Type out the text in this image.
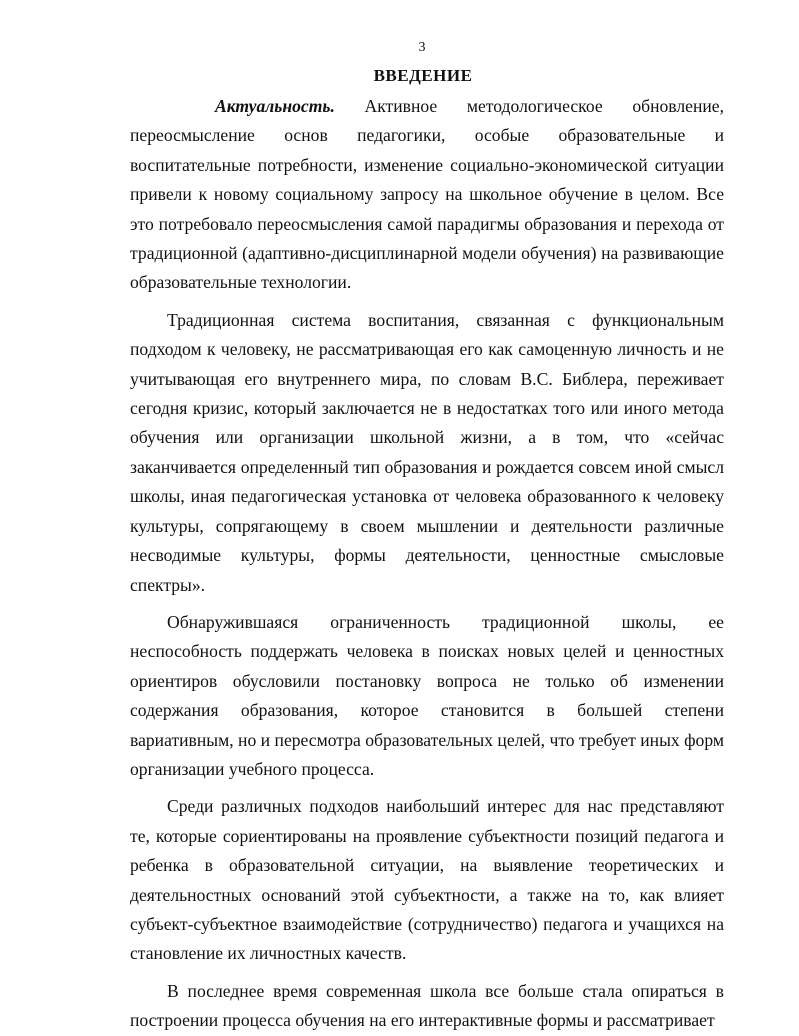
3
ВВЕДЕНИЕ

Актуальность. Активное методологическое обновление, переосмысление основ педагогики, особые образовательные и воспитательные потребности, изменение социально-экономической ситуации привели к новому социальному запросу на школьное обучение в целом. Все это потребовало переосмысления самой парадигмы образования и перехода от традиционной (адаптивно-дисциплинарной модели обучения) на развивающие образовательные технологии.

Традиционная система воспитания, связанная с функциональным подходом к человеку, не рассматривающая его как самоценную личность и не учитывающая его внутреннего мира, по словам В.С. Библера, переживает сегодня кризис, который заключается не в недостатках того или иного метода обучения или организации школьной жизни, а в том, что «сейчас заканчивается определенный тип образования и рождается совсем иной смысл школы, иная педагогическая установка от человека образованного к человеку культуры, сопрягающему в своем мышлении и деятельности различные несводимые культуры, формы деятельности, ценностные смысловые спектры».

Обнаружившаяся ограниченность традиционной школы, ее неспособность поддержать человека в поисках новых целей и ценностных ориентиров обусловили постановку вопроса не только об изменении содержания образования, которое становится в большей степени вариативным, но и пересмотра образовательных целей, что требует иных форм организации учебного процесса.

Среди различных подходов наибольший интерес для нас представляют те, которые сориентированы на проявление субъектности позиций педагога и ребенка в образовательной ситуации, на выявление теоретических и деятельностных оснований этой субъектности, а также на то, как влияет субъект-субъектное взаимодействие (сотрудничество) педагога и учащихся на становление их личностных качеств.

В последнее время современная школа все больше стала опираться в построении процесса обучения на его интерактивные формы и рассматривает
